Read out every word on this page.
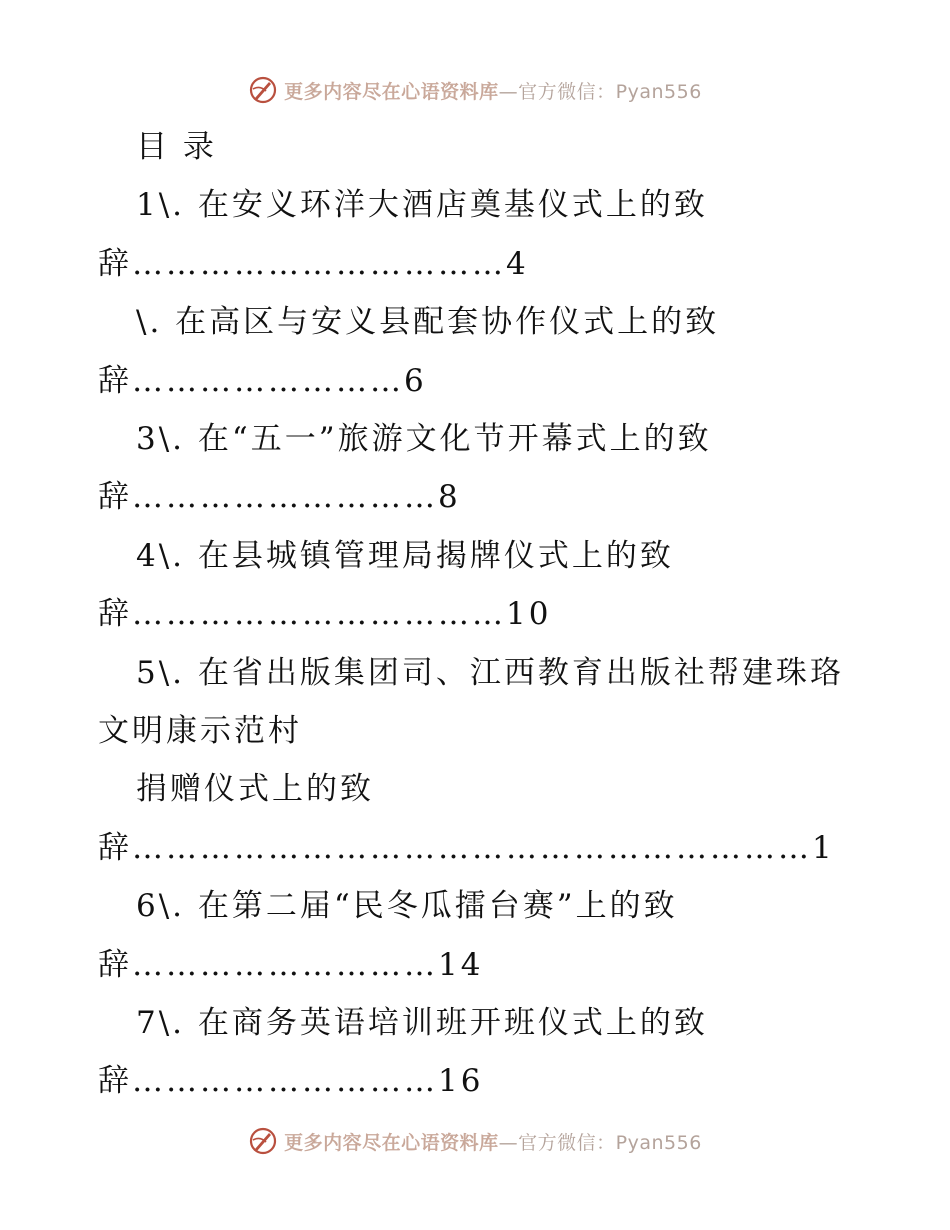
更多内容尽在心语资料库—官方微信：Pyan556
目 录
1\. 在安义环洋大酒店奠基仪式上的致
辞……………………………4
\. 在高区与安义县配套协作仪式上的致
辞……………………6
3\. 在“五一”旅游文化节开幕式上的致
辞………………………8
4\. 在县城镇管理局揭牌仪式上的致
辞……………………………10
5\. 在省出版集团司、江西教育出版社帮建珠珞
文明康示范村
捐赠仪式上的致
辞……………………………………………………1
6\. 在第二届“民冬瓜擂台赛”上的致
辞………………………14
7\. 在商务英语培训班开班仪式上的致
辞………………………16
更多内容尽在心语资料库—官方微信：Pyan556
